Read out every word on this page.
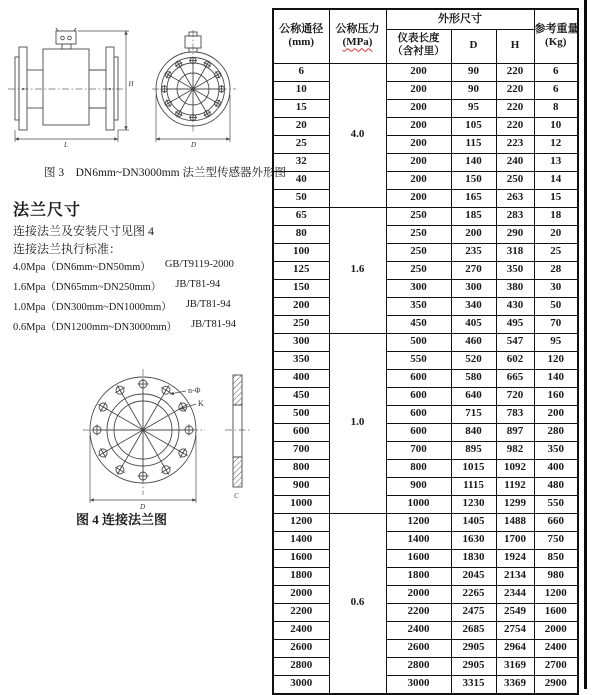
H
L	D
图 3    DN6mm~DN3000mm 法兰型传感器外形图
法兰尺寸
连接法兰及安装尺寸见图 4
连接法兰执行标准：
4.0Mpa（DN6mm~DN50mm） GB/T9119-2000
1.6Mpa（DN65mm~DN250mm） JB/T81-94
1.0Mpa（DN300mm~DN1000mm） JB/T81-94
0.6Mpa（DN1200mm~DN3000mm） JB/T81-94
n-Φ
K
D
C
图 4 连接法兰图
公称通径
(mm)	公称压力
(MPa)	外形尺寸			参考重量
(Kg)
		仪表长度
（含衬里）	D	H	
6	4.0	200	90	220	6
10		200	90	220	6
15		200	95	220	8
20		200	105	220	10
25		200	115	223	12
32		200	140	240	13
40		200	150	250	14
50		200	165	263	15
65	1.6	250	185	283	18
80		250	200	290	20
100		250	235	318	25
125		250	270	350	28
150		300	300	380	30
200		350	340	430	50
250		450	405	495	70
300	1.0	500	460	547	95
350		550	520	602	120
400		600	580	665	140
450		600	640	720	160
500		600	715	783	200
600		600	840	897	280
700		700	895	982	350
800		800	1015	1092	400
900		900	1115	1192	480
1000		1000	1230	1299	550
1200	0.6	1200	1405	1488	660
1400		1400	1630	1700	750
1600		1600	1830	1924	850
1800		1800	2045	2134	980
2000		2000	2265	2344	1200
2200		2200	2475	2549	1600
2400		2400	2685	2754	2000
2600		2600	2905	2964	2400
2800		2800	2905	3169	2700
3000		3000	3315	3369	2900
